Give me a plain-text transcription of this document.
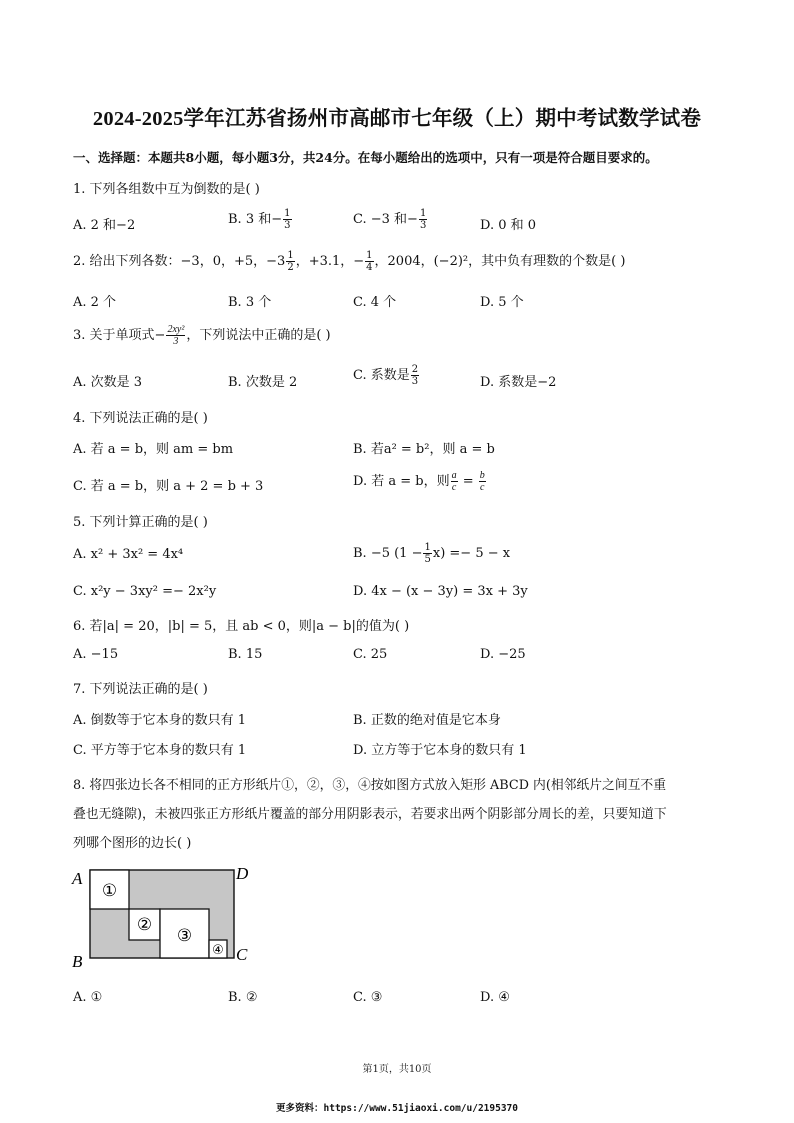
2024-2025学年江苏省扬州市高邮市七年级（上）期中考试数学试卷
一、选择题：本题共8小题，每小题3分，共24分。在每小题给出的选项中，只有一项是符合题目要求的。
1. 下列各组数中互为倒数的是( )
A. 2 和−2	B. 3 和− $\frac{1}{3}$	C. −3 和− $\frac{1}{3}$	D. 0 和 0
2. 给出下列各数：−3，0，+5，$-3 \frac{1}{2}$ ，+3.1，− $\frac{1}{4}$ ，2004，(−2)²，其中负有理数的个数是( )
A. 2 个	B. 3 个	C. 4 个	D. 5 个
3. 关于单项式− $\frac{\text{2xy²}}{3}$ ，下列说法中正确的是( )
A. 次数是 3	B. 次数是 2	C. 系数是 $\frac{2}{3}$	D. 系数是−2
4. 下列说法正确的是( )
A. 若 a = b，则 am = bm	B. 若a² = b²，则 a = b
C. 若 a = b，则 a + 2 = b + 3	D. 若 a = b，则 $\frac{a}{c} = \frac{b}{c}$
5. 下列计算正确的是( )
A. x² + 3x² = 4x⁴	B. −5 $(1 - \frac{1}{5} x) =- 5 - x$
C. x²y − 3xy² =− 2x²y	D. 4x − (x − 3y) = 3x + 3y
6. 若|a| = 20，|b| = 5，且 ab < 0，则|a − b|的值为( )
A. −15	B. 15	C. 25	D. −25
7. 下列说法正确的是( )
A. 倒数等于它本身的数只有 1	B. 正数的绝对值是它本身
C. 平方等于它本身的数只有 1	D. 立方等于它本身的数只有 1
8. 将四张边长各不相同的正方形纸片①，②，③，④按如图方式放入矩形 ABCD 内(相邻纸片之间互不重
叠也无缝隙)，未被四张正方形纸片覆盖的部分用阴影表示，若要求出两个阴影部分周长的差，只要知道下
列哪个图形的边长( )
①
②
③
④
A
B	C
D
A. ①	B. ②	C. ③	D. ④
第1页，共10页
更多资料：https://www.51jiaoxi.com/u/2195370
